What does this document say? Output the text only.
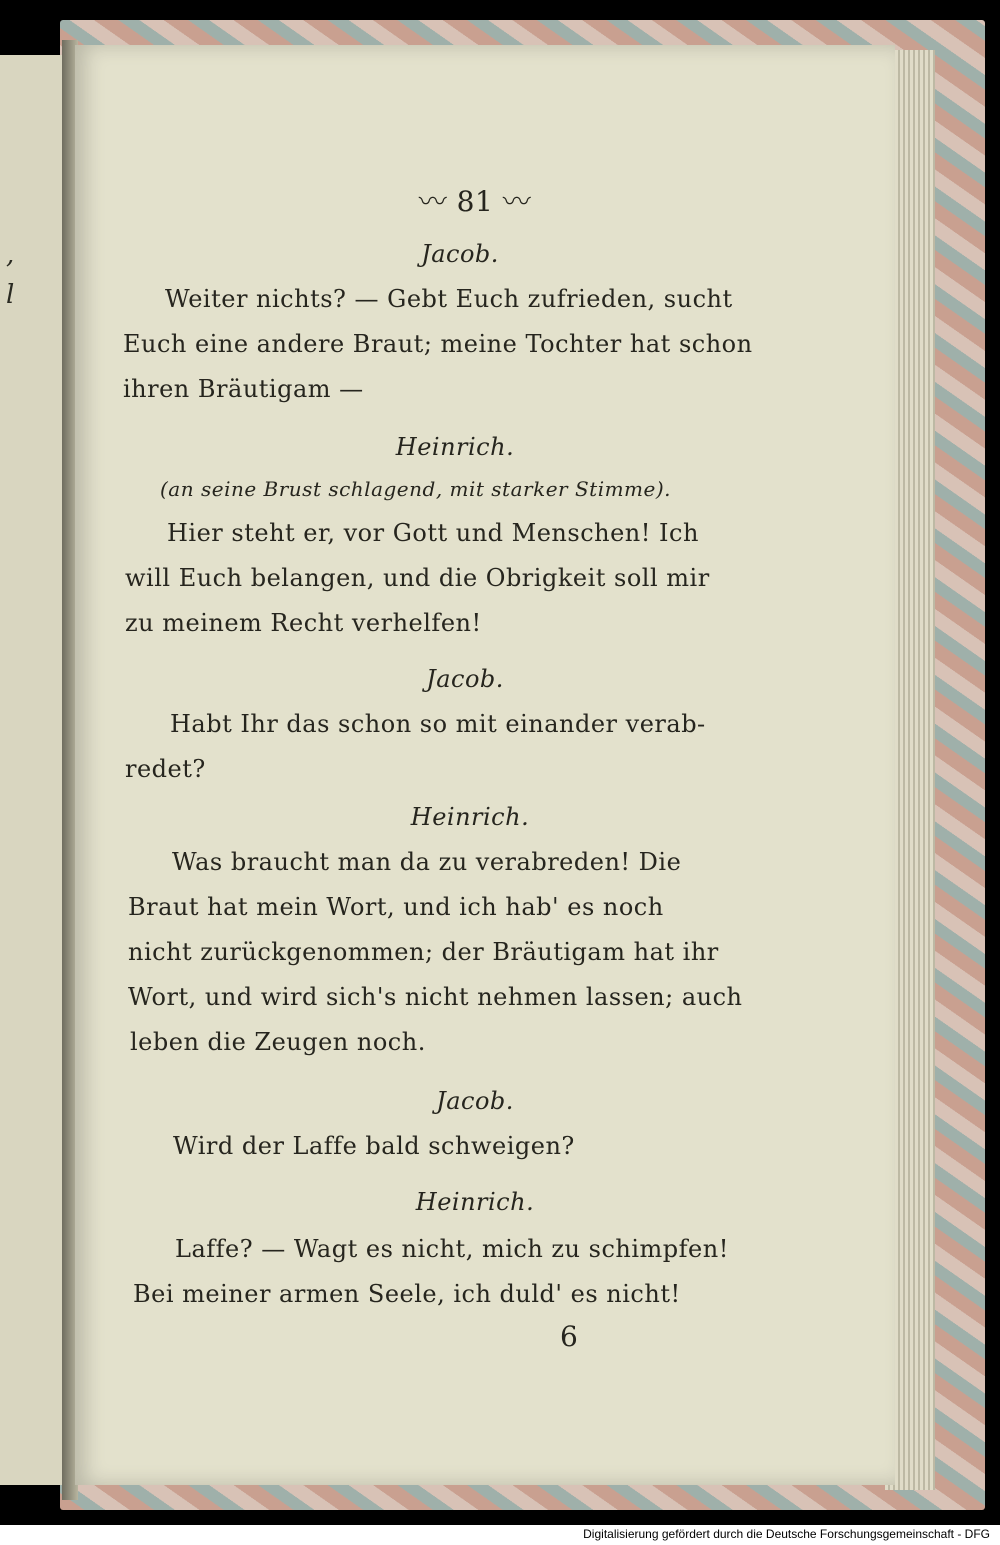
,
l
〰 81 〰
Jacob.
Weiter nichts? — Gebt Euch zufrieden, sucht
Euch eine andere Braut; meine Tochter hat schon
ihren Bräutigam —
Heinrich.
(an seine Brust schlagend, mit starker Stimme).
Hier steht er, vor Gott und Menschen! Ich
will Euch belangen, und die Obrigkeit soll mir
zu meinem Recht verhelfen!
Jacob.
Habt Ihr das schon so mit einander verab-
redet?
Heinrich.
Was braucht man da zu verabreden! Die
Braut hat mein Wort, und ich hab' es noch
nicht zurückgenommen; der Bräutigam hat ihr
Wort, und wird sich's nicht nehmen lassen; auch
leben die Zeugen noch.
Jacob.
Wird der Laffe bald schweigen?
Heinrich.
Laffe? — Wagt es nicht, mich zu schimpfen!
Bei meiner armen Seele, ich duld' es nicht!
6
Digitalisierung gefördert durch die Deutsche Forschungsgemeinschaft - DFG
